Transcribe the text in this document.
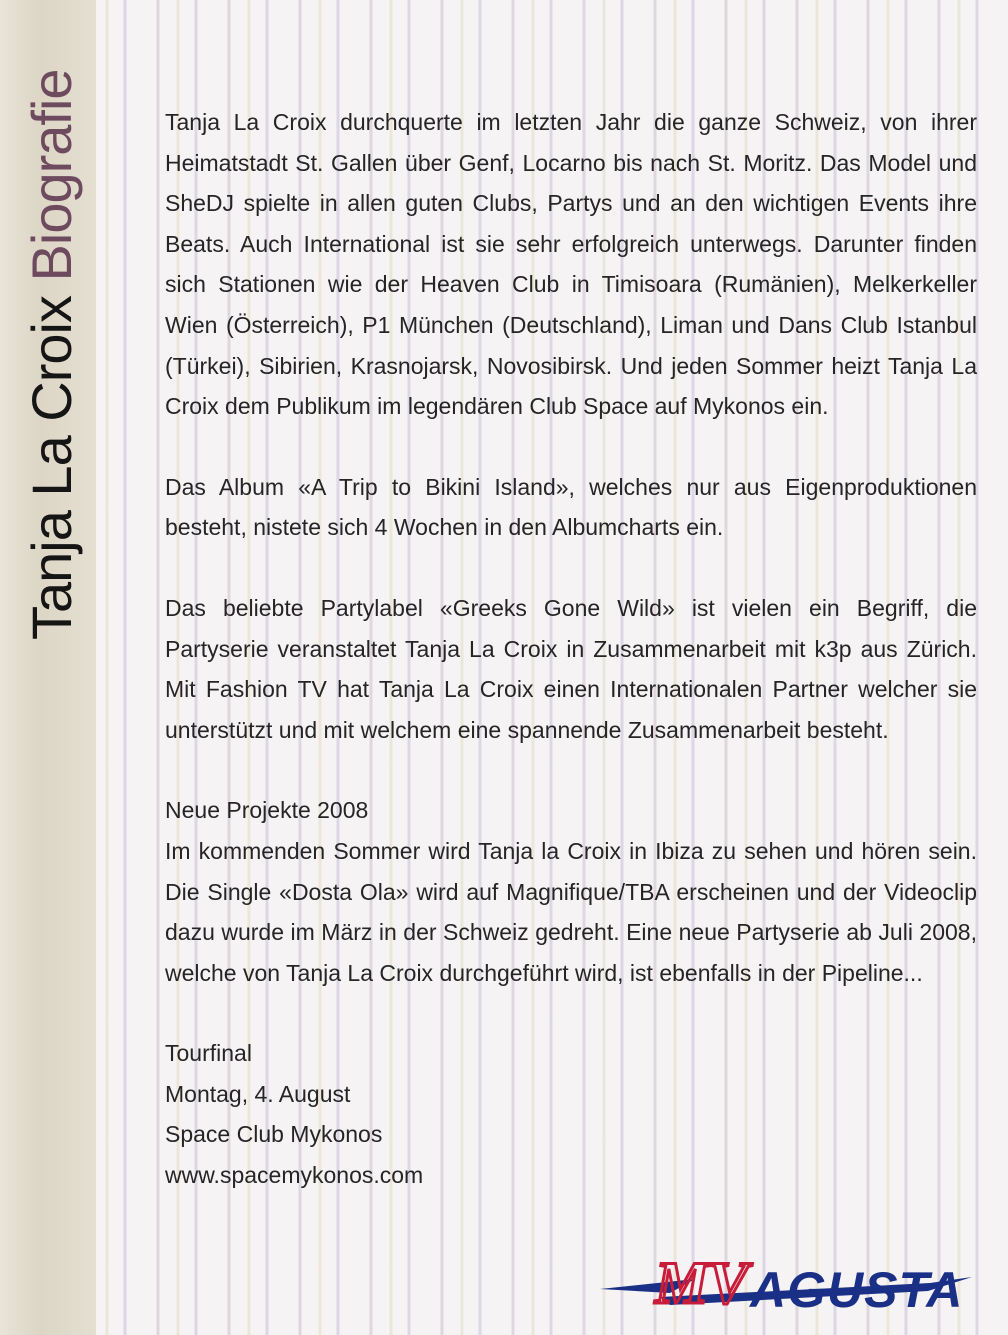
Tanja La Croix Biografie	Tanja La Croix durchquerte im letzten Jahr die ganze Schweiz, von ihrer Heimatstadt St. Gallen über Genf, Locarno bis nach St. Moritz. Das Model und SheDJ spielte in allen guten Clubs, Partys und an den wichtigen Events ihre Beats. Auch International ist sie sehr erfolgreich unterwegs. Darunter finden sich Stationen wie der Heaven Club in Timisoara (Rumänien), Melkerkeller Wien (Österreich), P1 München (Deutschland), Liman und Dans Club Istanbul (Türkei), Sibirien, Krasnojarsk, Novosibirsk. Und jeden Sommer heizt Tanja La Croix dem Publikum im legendären Club Space auf Mykonos ein.

Das Album «A Trip to Bikini Island», welches nur aus Eigenproduktionen besteht, nistete sich 4 Wochen in den Albumcharts ein.

Das beliebte Partylabel «Greeks Gone Wild» ist vielen ein Begriff, die Partyserie veranstaltet Tanja La Croix in Zusammenarbeit mit k3p aus Zürich. Mit Fashion TV hat Tanja La Croix einen Internationalen Partner welcher sie unterstützt und mit welchem eine spannende Zusammenarbeit besteht.

Neue Projekte 2008
Im kommenden Sommer wird Tanja la Croix in Ibiza zu sehen und hören sein. Die Single «Dosta Ola» wird auf Magnifique/TBA erscheinen und der Videoclip dazu wurde im März in der Schweiz gedreht. Eine neue Partyserie ab Juli 2008, welche von Tanja La Croix durchgeführt wird, ist ebenfalls in der Pipeline...
Tourfinal
Montag, 4. August
Space Club Mykonos
www.spacemykonos.com
MV AGUSTA
